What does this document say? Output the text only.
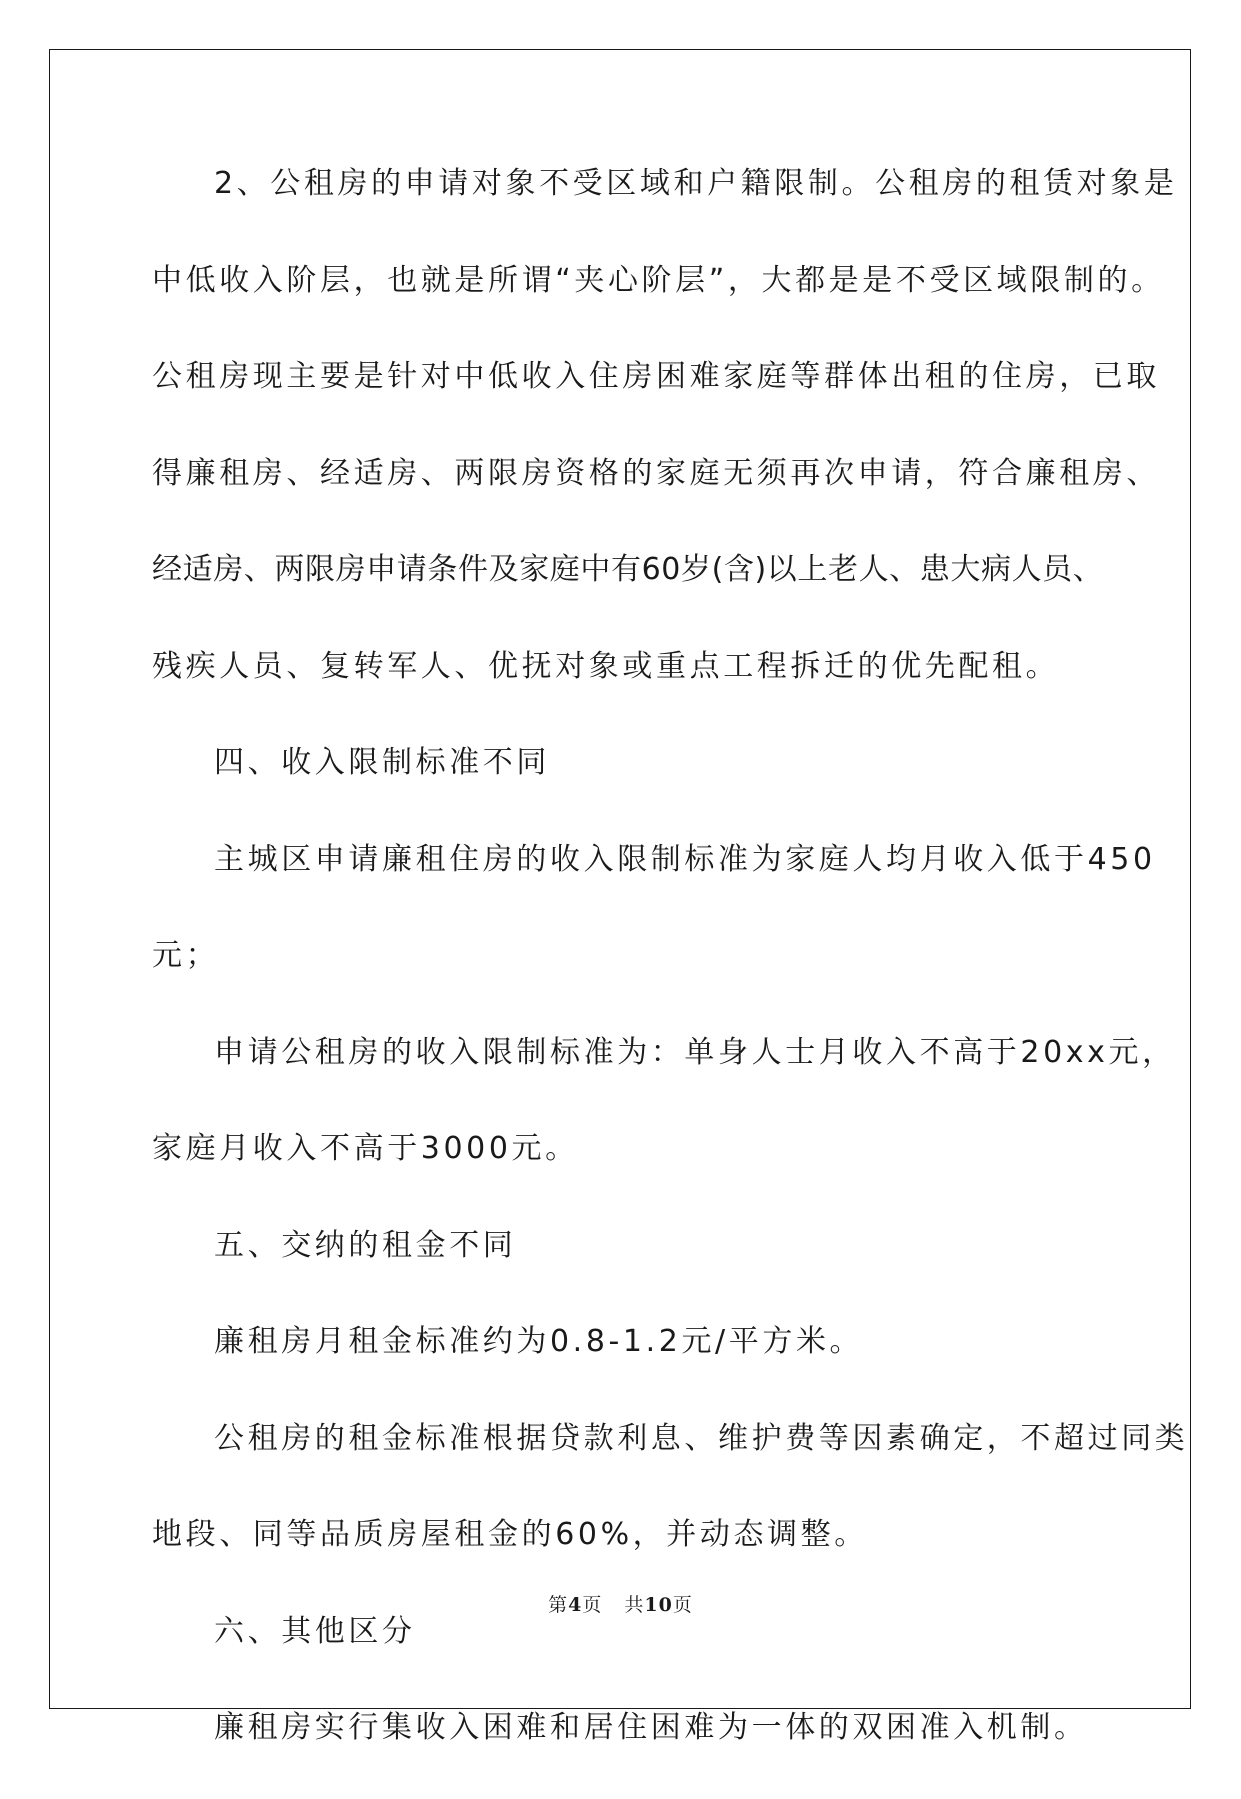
2、公租房的申请对象不受区域和户籍限制。公租房的租赁对象是
中低收入阶层，也就是所谓“夹心阶层”，大都是是不受区域限制的。
公租房现主要是针对中低收入住房困难家庭等群体出租的住房，已取
得廉租房、经适房、两限房资格的家庭无须再次申请，符合廉租房、
经适房、两限房申请条件及家庭中有60岁(含)以上老人、患大病人员、
残疾人员、复转军人、优抚对象或重点工程拆迁的优先配租。
四、收入限制标准不同
主城区申请廉租住房的收入限制标准为家庭人均月收入低于450
元；
申请公租房的收入限制标准为：单身人士月收入不高于20xx元，
家庭月收入不高于3000元。
五、交纳的租金不同
廉租房月租金标准约为0.8-1.2元/平方米。
公租房的租金标准根据贷款利息、维护费等因素确定，不超过同类
地段、同等品质房屋租金的60%，并动态调整。
六、其他区分
廉租房实行集收入困难和居住困难为一体的双困准入机制。
第4页 共10页
